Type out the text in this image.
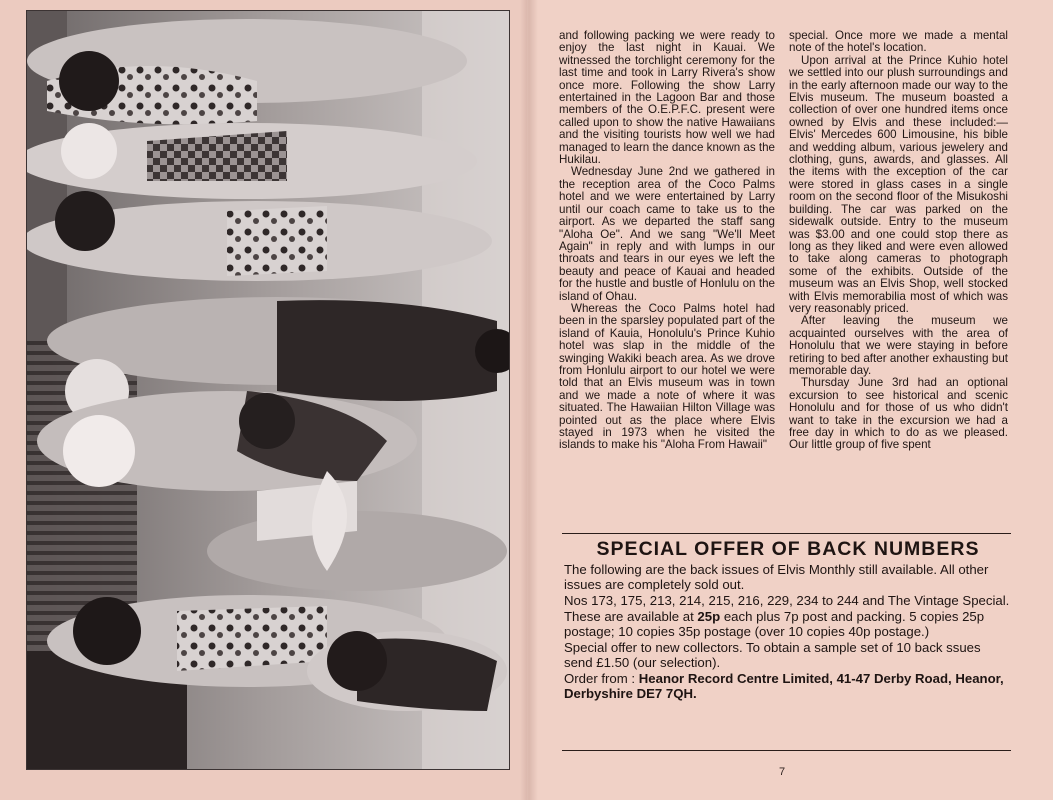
and following packing we were ready to enjoy the last night in Kauai. We witnessed the torchlight ceremony for the last time and took in Larry Rivera's show once more. Following the show Larry entertained in the Lagoon Bar and those members of the O.E.P.F.C. present were called upon to show the native Hawaiians and the visiting tourists how well we had managed to learn the dance known as the Hukilau.

Wednesday June 2nd we gathered in the reception area of the Coco Palms hotel and we were entertained by Larry until our coach came to take us to the airport. As we departed the staff sang "Aloha Oe". And we sang "We'll Meet Again" in reply and with lumps in our throats and tears in our eyes we left the beauty and peace of Kauai and headed for the hustle and bustle of Honlulu on the island of Ohau.

Whereas the Coco Palms hotel had been in the sparsley populated part of the island of Kauia, Honolulu's Prince Kuhio hotel was slap in the middle of the swinging Wakiki beach area. As we drove from Honlulu airport to our hotel we were told that an Elvis museum was in town and we made a note of where it was situated. The Hawaiian Hilton Village was pointed out as the place where Elvis stayed in 1973 when he visited the islands to make his "Aloha From Hawaii"

special. Once more we made a mental note of the hotel's location.

Upon arrival at the Prince Kuhio hotel we settled into our plush surroundings and in the early afternoon made our way to the Elvis museum. The museum boasted a collection of over one hundred items once owned by Elvis and these included:— Elvis' Mercedes 600 Limousine, his bible and wedding album, various jewelery and clothing, guns, awards, and glasses. All the items with the exception of the car were stored in glass cases in a single room on the second floor of the Misukoshi building. The car was parked on the sidewalk outside. Entry to the museum was $3.00 and one could stop there as long as they liked and were even allowed to take along cameras to photograph some of the exhibits. Outside of the museum was an Elvis Shop, well stocked with Elvis memorabilia most of which was very reasonably priced.

After leaving the museum we acquainted ourselves with the area of Honolulu that we were staying in before retiring to bed after another exhausting but memorable day.

Thursday June 3rd had an optional excursion to see historical and scenic Honolulu and for those of us who didn't want to take in the excursion we had a free day in which to do as we pleased. Our little group of five spent

SPECIAL OFFER OF BACK NUMBERS

The following are the back issues of Elvis Monthly still available. All other issues are completely sold out.

Nos 173, 175, 213, 214, 215, 216, 229, 234 to 244 and The Vintage Special.

These are available at 25p each plus 7p post and packing. 5 copies 25p postage; 10 copies 35p postage (over 10 copies 40p postage.)

Special offer to new collectors. To obtain a sample set of 10 back ssues send £1.50 (our selection).

Order from : Heanor Record Centre Limited, 41-47 Derby Road, Heanor, Derbyshire DE7 7QH.

7
